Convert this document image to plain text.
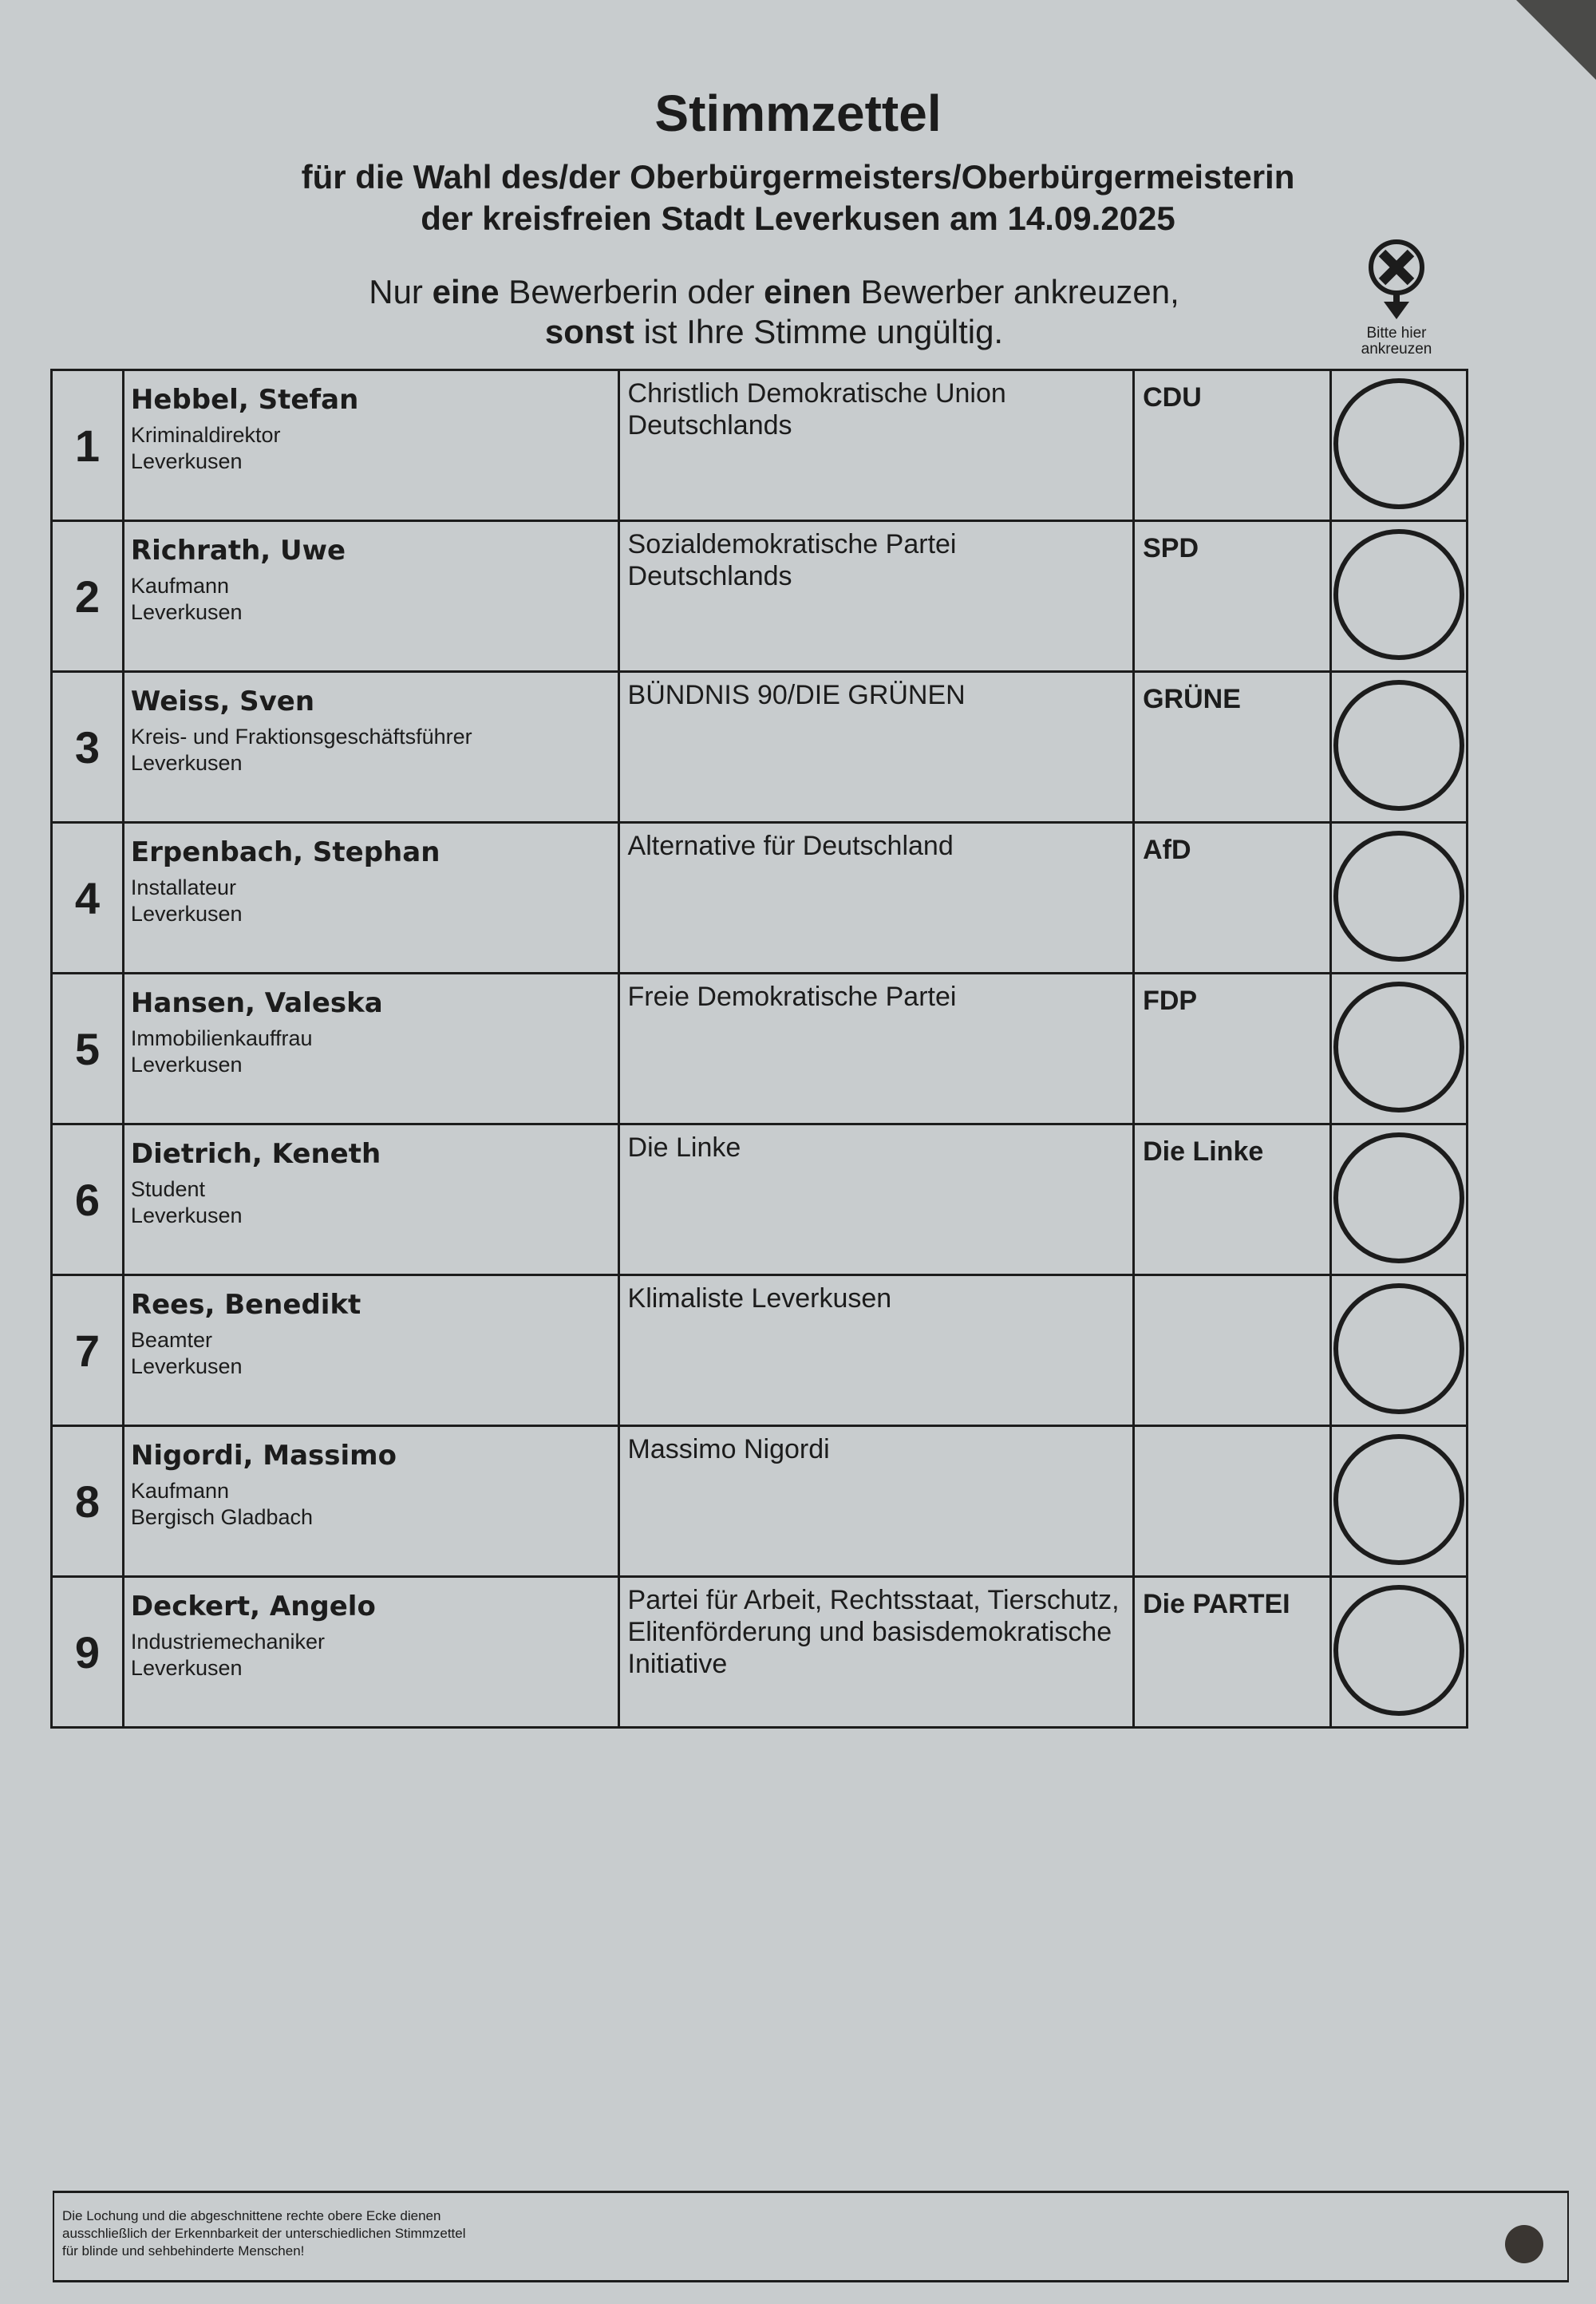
Stimmzettel
für die Wahl des/der Oberbürgermeisters/Oberbürgermeisterin
der kreisfreien Stadt Leverkusen am 14.09.2025
Nur eine Bewerberin oder einen Bewerber ankreuzen,
sonst ist Ihre Stimme ungültig.	Bitte hier ankreuzen
1	Hebbel, Stefan
Kriminaldirektor
Leverkusen	Christlich Demokratische Union Deutschlands	CDU	
2	Richrath, Uwe
Kaufmann
Leverkusen	Sozialdemokratische Partei Deutschlands	SPD	
3	Weiss, Sven
Kreis- und Fraktionsgeschäftsführer
Leverkusen	BÜNDNIS 90/DIE GRÜNEN	GRÜNE	
4	Erpenbach, Stephan
Installateur
Leverkusen	Alternative für Deutschland	AfD	
5	Hansen, Valeska
Immobilienkauffrau
Leverkusen	Freie Demokratische Partei	FDP	
6	Dietrich, Keneth
Student
Leverkusen	Die Linke	Die Linke	
7	Rees, Benedikt
Beamter
Leverkusen	Klimaliste Leverkusen		
8	Nigordi, Massimo
Kaufmann
Bergisch Gladbach	Massimo Nigordi		
9	Deckert, Angelo
Industriemechaniker
Leverkusen	Partei für Arbeit, Rechtsstaat, Tierschutz, Elitenförderung und basisdemokratische Initiative	Die PARTEI	
Die Lochung und die abgeschnittene rechte obere Ecke dienen ausschließlich der Erkennbarkeit der unterschiedlichen Stimmzettel für blinde und sehbehinderte Menschen!
